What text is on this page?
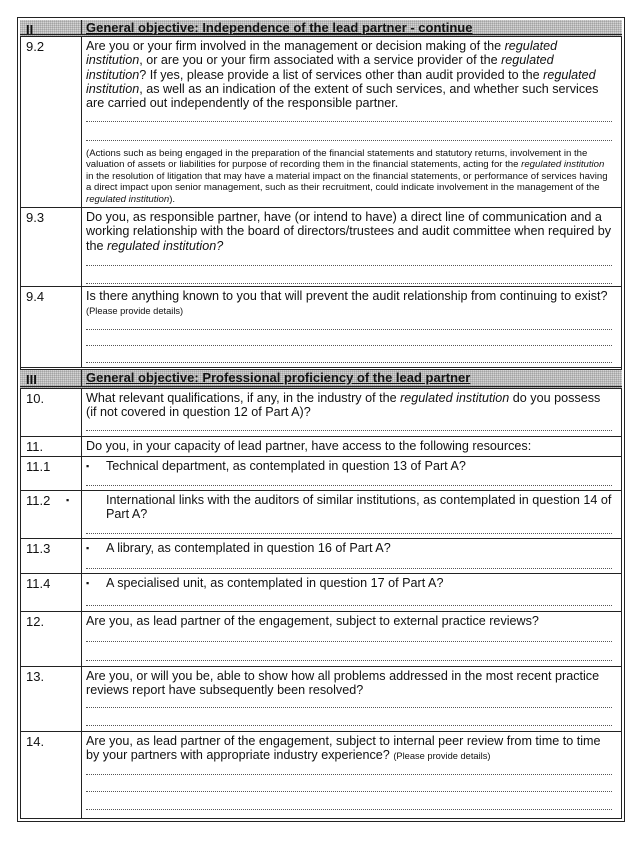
II	General objective: Independence of the lead partner - continue
9.2	Are you or your firm involved in the management or decision making of the regulated institution, or are you or your firm associated with a service provider of the regulated institution? If yes, please provide a list of services other than audit provided to the regulated institution, as well as an indication of the extent of such services, and whether such services are carried out independently of the responsible partner.
(Actions such as being engaged in the preparation of the financial statements and statutory returns, involvement in the valuation of assets or liabilities for purpose of recording them in the financial statements, acting for the regulated institution in the resolution of litigation that may have a material impact on the financial statements, or performance of services having a direct impact upon senior management, such as their recruitment, could indicate involvement in the management of the regulated institution).
9.3	Do you, as responsible partner, have (or intend to have) a direct line of communication and a working relationship with the board of directors/trustees and audit committee when required by the regulated institution?
9.4	Is there anything known to you that will prevent the audit relationship from continuing to exist?
(Please provide details)
III	General objective: Professional proficiency of the lead partner
10.	What relevant qualifications, if any, in the industry of the regulated institution do you possess (if not covered in question 12 of Part A)?
11.	Do you, in your capacity of lead partner, have access to the following resources:
11.1	▪ Technical department, as contemplated in question 13 of Part A?
11.2	▪	International links with the auditors of similar institutions, as contemplated in question 14 of Part A?
11.3	▪ A library, as contemplated in question 16 of Part A?
11.4	▪ A specialised unit, as contemplated in question 17 of Part A?
12.	Are you, as lead partner of the engagement, subject to external practice reviews?
13.	Are you, or will you be, able to show how all problems addressed in the most recent practice reviews report have subsequently been resolved?
14.	Are you, as lead partner of the engagement, subject to internal peer review from time to time by your partners with appropriate industry experience? (Please provide details)
